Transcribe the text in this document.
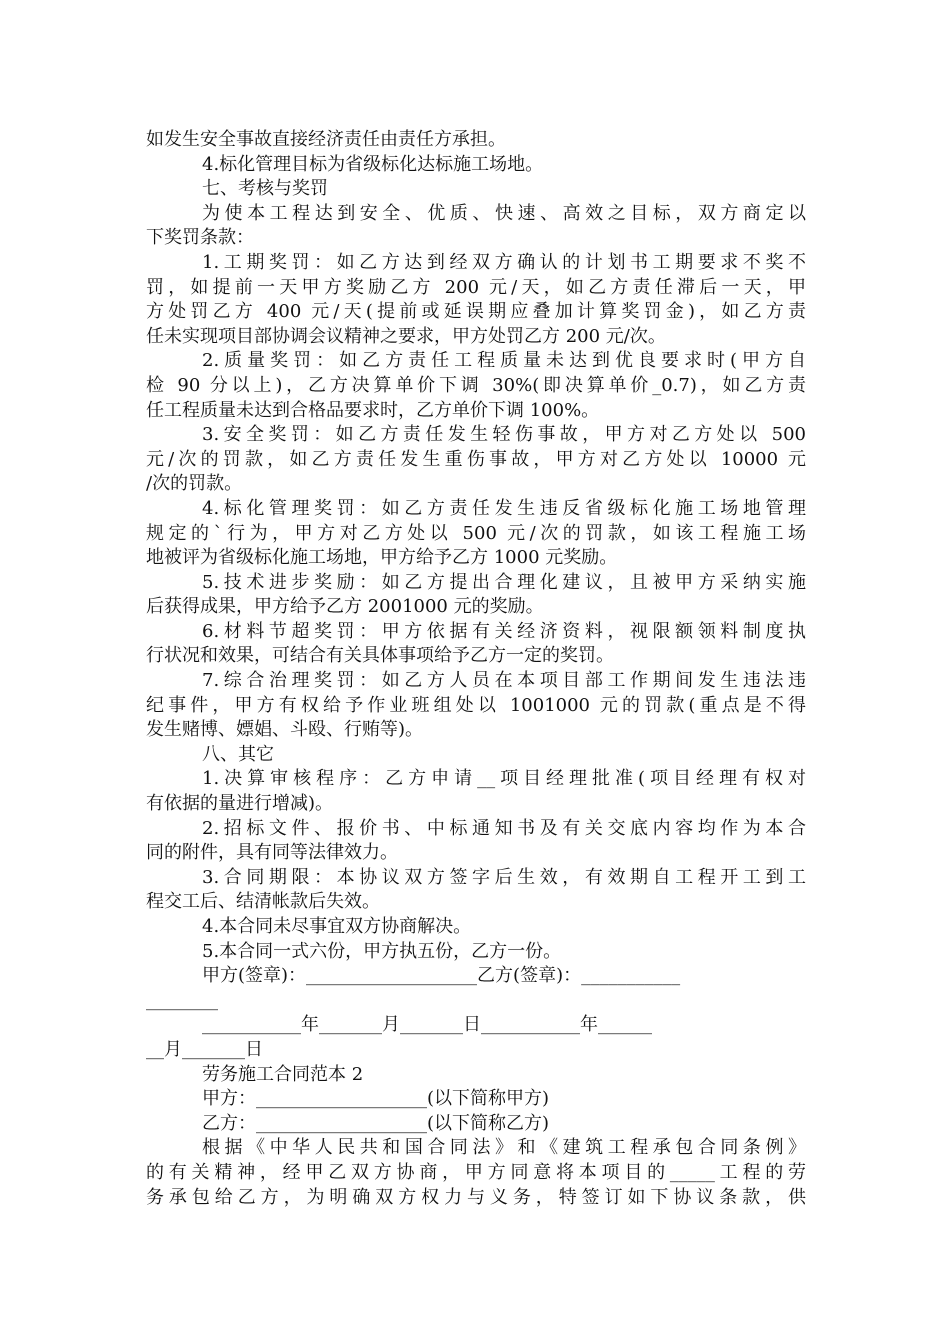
如发生安全事故直接经济责任由责任方承担。
4.标化管理目标为省级标化达标施工场地。
七、考核与奖罚
为使本工程达到安全、优质、快速、高效之目标，双方商定以
下奖罚条款：
1.工期奖罚：如乙方达到经双方确认的计划书工期要求不奖不
罚，如提前一天甲方奖励乙方 200 元/天，如乙方责任滞后一天，甲
方处罚乙方 400 元/天(提前或延误期应叠加计算奖罚金)，如乙方责
任未实现项目部协调会议精神之要求，甲方处罚乙方 200 元/次。
2.质量奖罚：如乙方责任工程质量未达到优良要求时(甲方自
检 90 分以上)，乙方决算单价下调 30%(即决算单价_0.7)，如乙方责
任工程质量未达到合格品要求时，乙方单价下调 100%。
3.安全奖罚：如乙方责任发生轻伤事故，甲方对乙方处以 500
元/次的罚款，如乙方责任发生重伤事故，甲方对乙方处以 10000 元
/次的罚款。
4.标化管理奖罚：如乙方责任发生违反省级标化施工场地管理
规定的`行为，甲方对乙方处以 500 元/次的罚款，如该工程施工场
地被评为省级标化施工场地，甲方给予乙方 1000 元奖励。
5.技术进步奖励：如乙方提出合理化建议，且被甲方采纳实施
后获得成果，甲方给予乙方 2001000 元的奖励。
6.材料节超奖罚：甲方依据有关经济资料，视限额领料制度执
行状况和效果，可结合有关具体事项给予乙方一定的奖罚。
7.综合治理奖罚：如乙方人员在本项目部工作期间发生违法违
纪事件，甲方有权给予作业班组处以 1001000 元的罚款(重点是不得
发生赌博、嫖娼、斗殴、行贿等)。
八、其它
1.决算审核程序：乙方申请__项目经理批准(项目经理有权对
有依据的量进行增减)。
2.招标文件、报价书、中标通知书及有关交底内容均作为本合
同的附件，具有同等法律效力。
3.合同期限：本协议双方签字后生效，有效期自工程开工到工
程交工后、结清帐款后失效。
4.本合同未尽事宜双方协商解决。
5.本合同一式六份，甲方执五份，乙方一份。
甲方(签章)：___________________乙方(签章)：___________
________
___________年_______月_______日___________年______
__月_______日
劳务施工合同范本 2
甲方：___________________(以下简称甲方)
乙方：___________________(以下简称乙方)
根据《中华人民共和国合同法》和《建筑工程承包合同条例》
的有关精神，经甲乙双方协商，甲方同意将本项目的_____工程的劳
务承包给乙方，为明确双方权力与义务，特签订如下协议条款，供
